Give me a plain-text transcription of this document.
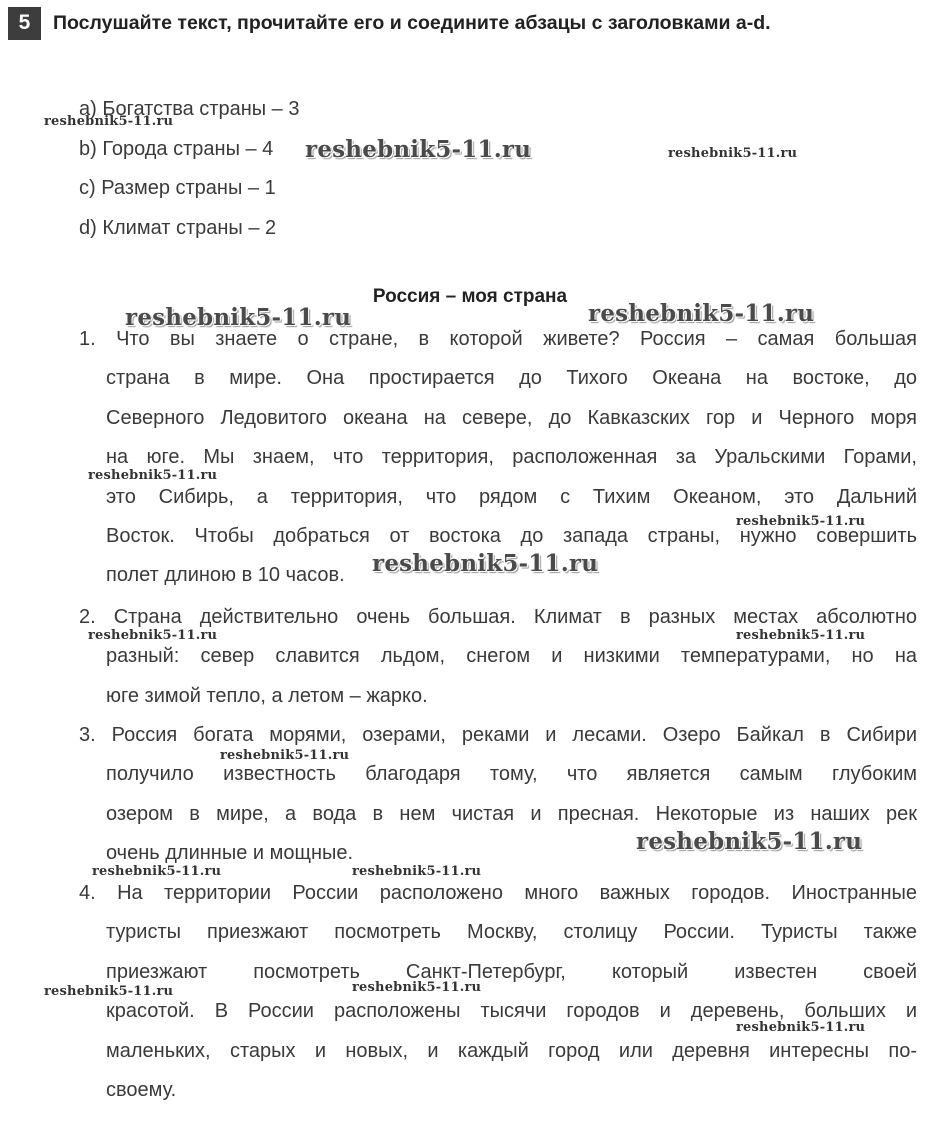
5	Послушайте текст, прочитайте его и соедините абзацы с заголовками a-d.
a) Богатства страны – 3
b) Города страны – 4
c) Размер страны – 1
d) Климат страны – 2
Россия – моя страна
1. Что вы знаете о стране, в которой живете? Россия – самая большая
страна в мире. Она простирается до Тихого Океана на востоке, до
Северного Ледовитого океана на севере, до Кавказских гор и Черного моря
на юге. Мы знаем, что территория, расположенная за Уральскими Горами,
это Сибирь, а территория, что рядом с Тихим Океаном, это Дальний
Восток. Чтобы добраться от востока до запада страны, нужно совершить
полет длиною в 10 часов.
2. Страна действительно очень большая. Климат в разных местах абсолютно
разный: север славится льдом, снегом и низкими температурами, но на
юге зимой тепло, а летом – жарко.
3. Россия богата морями, озерами, реками и лесами. Озеро Байкал в Сибири
получило известность благодаря тому, что является самым глубоким
озером в мире, а вода в нем чистая и пресная. Некоторые из наших рек
очень длинные и мощные.
4. На территории России расположено много важных городов. Иностранные
туристы приезжают посмотреть Москву, столицу России. Туристы также
приезжают посмотреть Санкт-Петербург, который известен своей
красотой. В России расположены тысячи городов и деревень, больших и
маленьких, старых и новых, и каждый город или деревня интересны по-
своему.
reshebnik5-11.ru
reshebnik5-11.ru	reshebnik5-11.ru
reshebnik5-11.ru	reshebnik5-11.ru
reshebnik5-11.ru
reshebnik5-11.ru
reshebnik5-11.ru
reshebnik5-11.ru	reshebnik5-11.ru
reshebnik5-11.ru
reshebnik5-11.ru
reshebnik5-11.ru	reshebnik5-11.ru
reshebnik5-11.ru	reshebnik5-11.ru
reshebnik5-11.ru
